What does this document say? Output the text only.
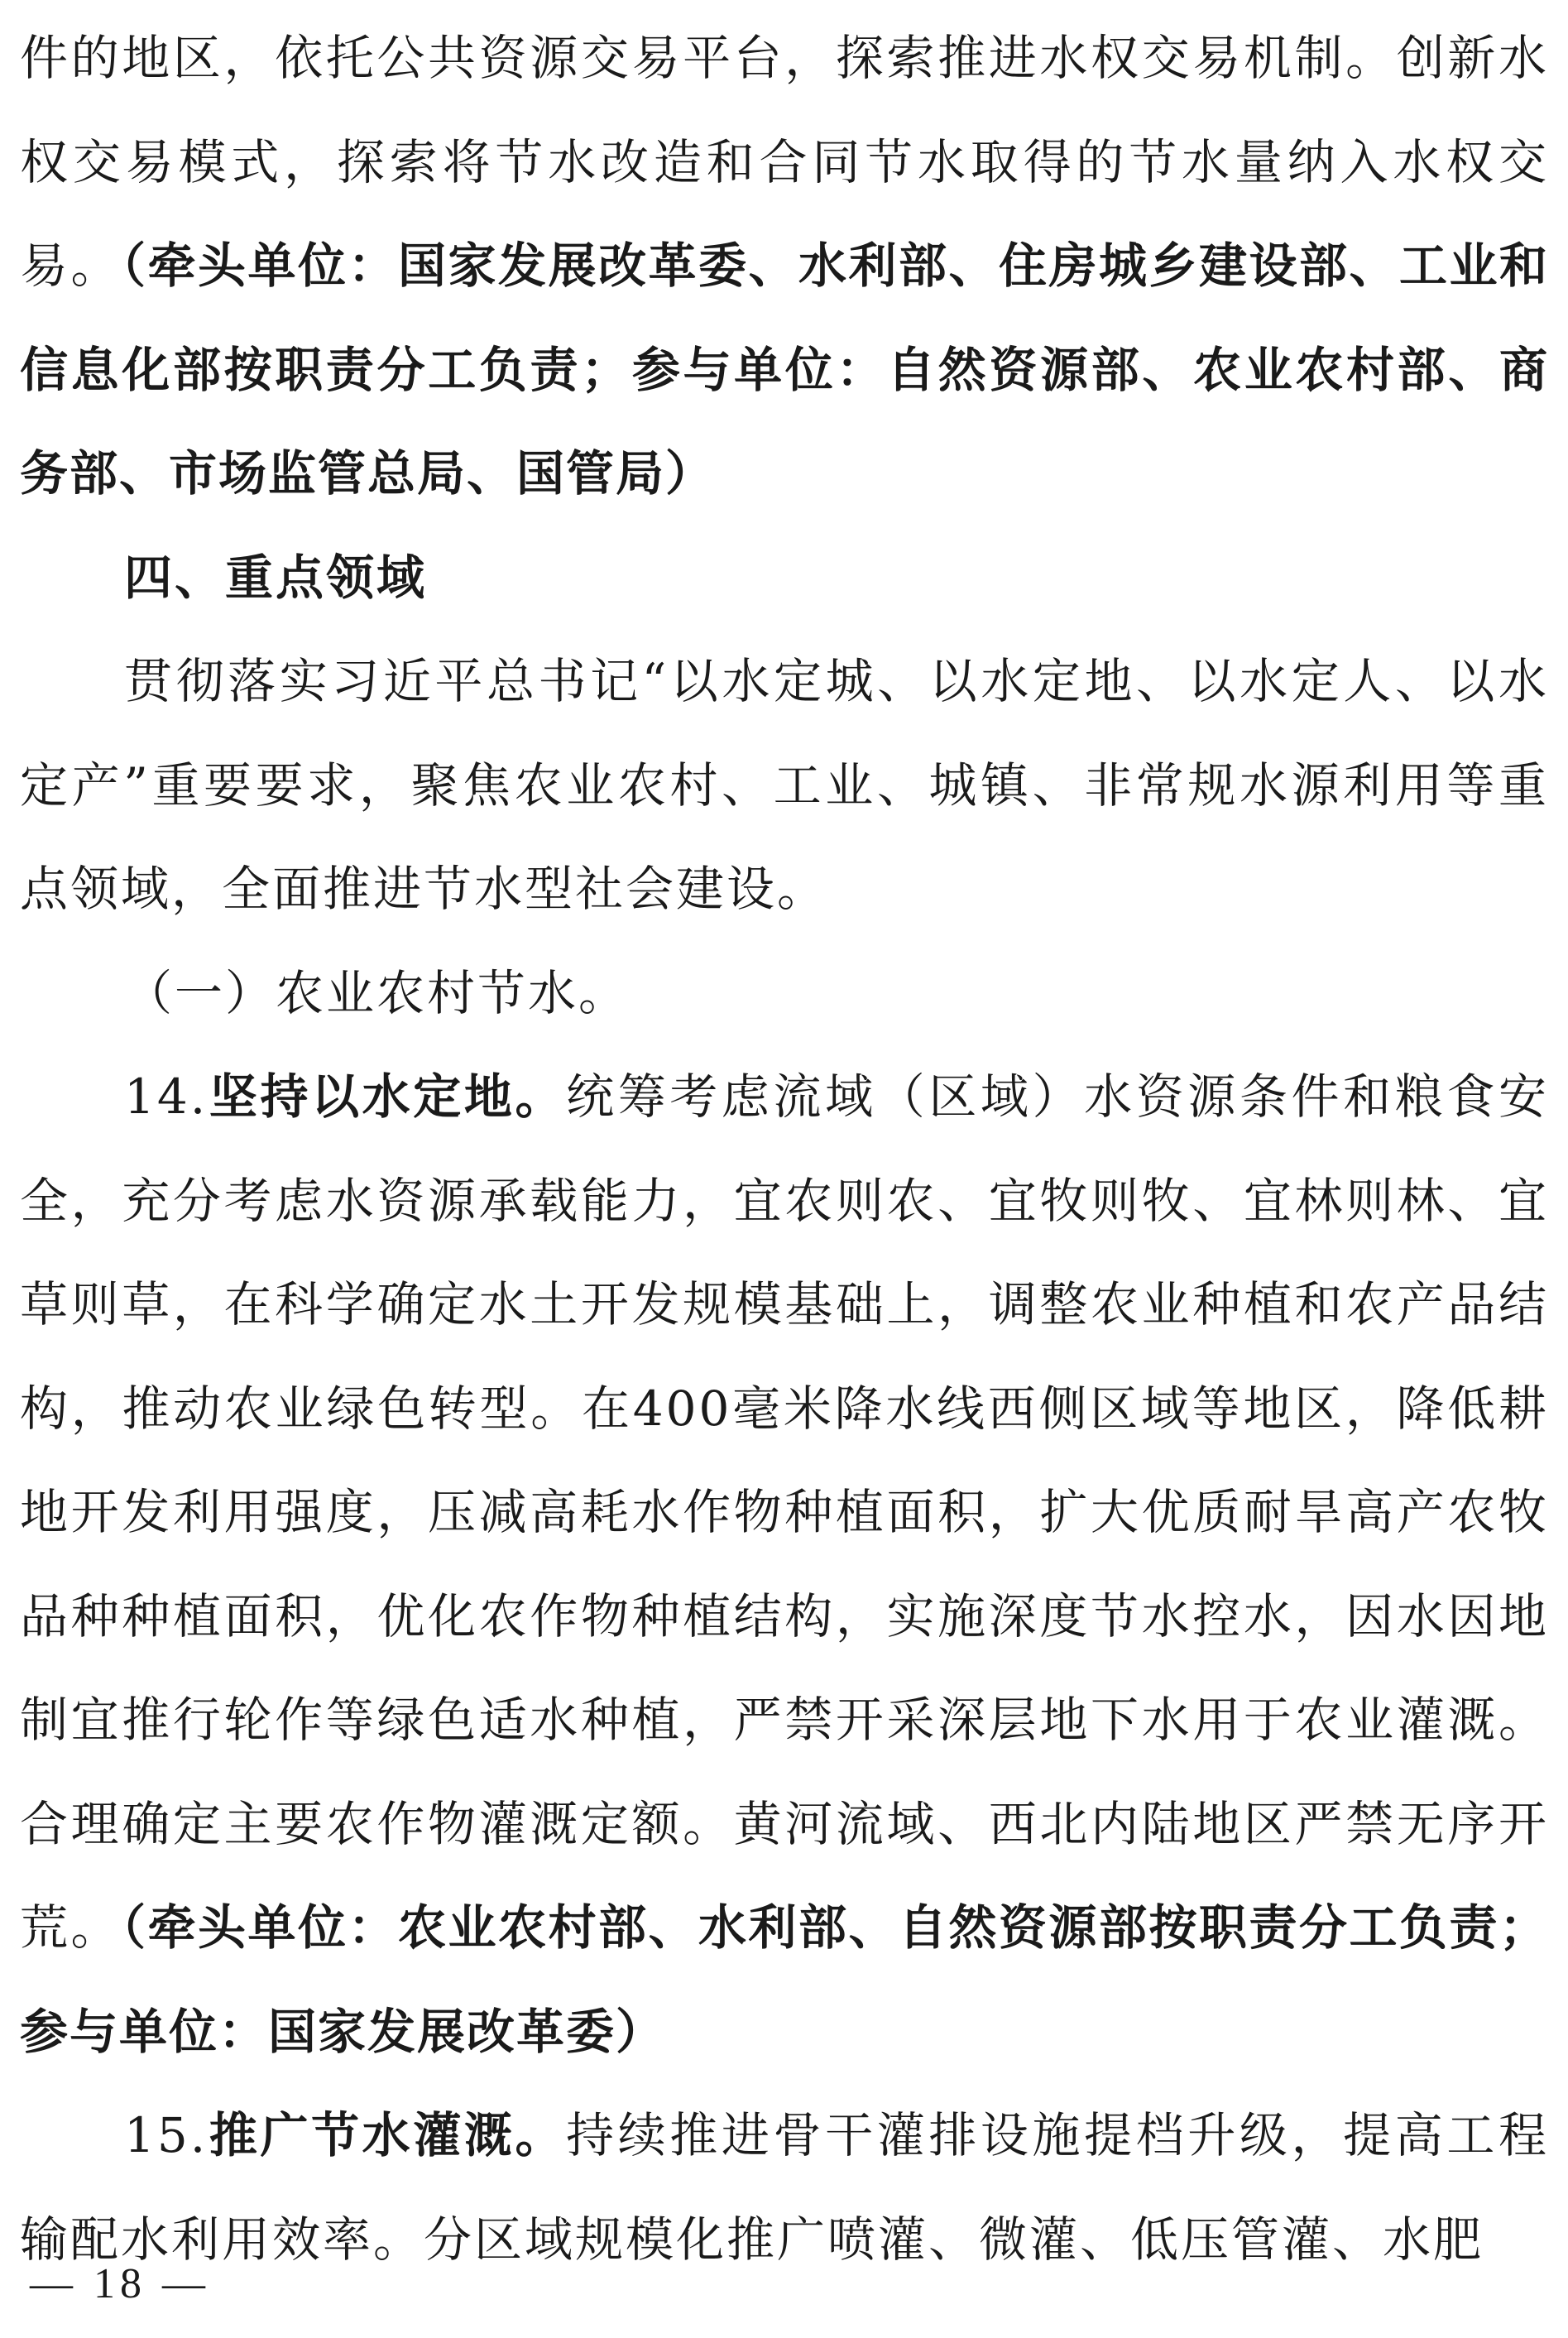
件的地区，依托公共资源交易平台，探索推进水权交易机制。创新水权交易模式，探索将节水改造和合同节水取得的节水量纳入水权交易。（牵头单位：国家发展改革委、水利部、住房城乡建设部、工业和信息化部按职责分工负责；参与单位：自然资源部、农业农村部、商务部、市场监管总局、国管局）

四、重点领域

贯彻落实习近平总书记“以水定城、以水定地、以水定人、以水定产”重要要求，聚焦农业农村、工业、城镇、非常规水源利用等重点领域，全面推进节水型社会建设。

（一）农业农村节水。

14.坚持以水定地。统筹考虑流域（区域）水资源条件和粮食安全，充分考虑水资源承载能力，宜农则农、宜牧则牧、宜林则林、宜草则草，在科学确定水土开发规模基础上，调整农业种植和农产品结构，推动农业绿色转型。在400毫米降水线西侧区域等地区，降低耕地开发利用强度，压减高耗水作物种植面积，扩大优质耐旱高产农牧品种种植面积，优化农作物种植结构，实施深度节水控水，因水因地制宜推行轮作等绿色适水种植，严禁开采深层地下水用于农业灌溉。合理确定主要农作物灌溉定额。黄河流域、西北内陆地区严禁无序开荒。（牵头单位：农业农村部、水利部、自然资源部按职责分工负责；参与单位：国家发展改革委）

15.推广节水灌溉。持续推进骨干灌排设施提档升级，提高工程输配水利用效率。分区域规模化推广喷灌、微灌、低压管灌、水肥

— 18 —
